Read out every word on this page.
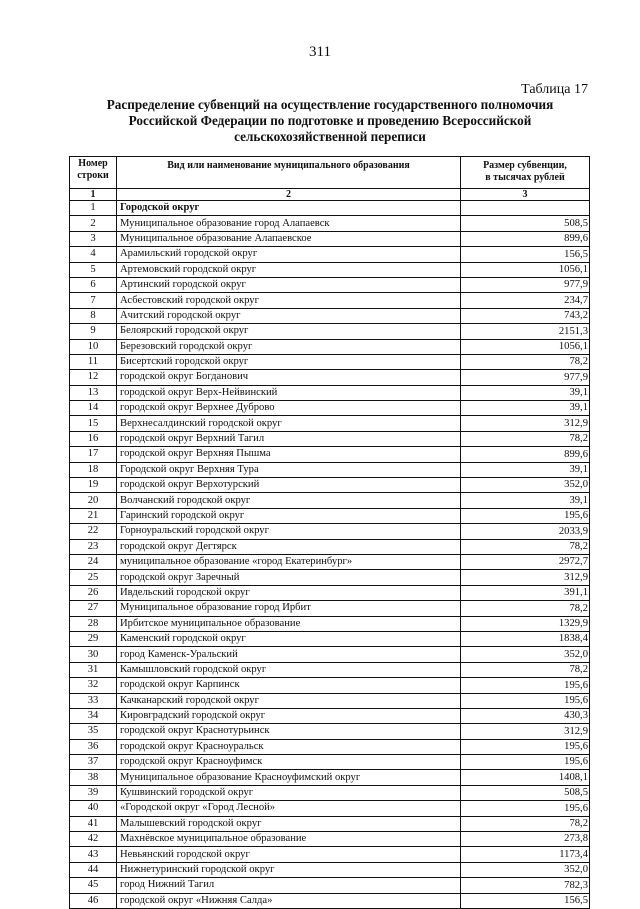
311
Таблица 17
Распределение субвенций на осуществление государственного полномочия
Российской Федерации по подготовке и проведению Всероссийской
сельскохозяйственной переписи
Номер
строки	Вид или наименование муниципального образования	Размер субвенции,
в тысячах рублей
1	2	3
1	Городской округ	
2	Муниципальное образование город Алапаевск	508,5
3	Муниципальное образование Алапаевское	899,6
4	Арамильский городской округ	156,5
5	Артемовский городской округ	1056,1
6	Артинский городской округ	977,9
7	Асбестовский городской округ	234,7
8	Ачитский городской округ	743,2
9	Белоярский городской округ	2151,3
10	Березовский городской округ	1056,1
11	Бисертский городской округ	78,2
12	городской округ Богданович	977,9
13	городской округ Верх-Нейвинский	39,1
14	городской округ Верхнее Дуброво	39,1
15	Верхнесалдинский городской округ	312,9
16	городской округ Верхний Тагил	78,2
17	городской округ Верхняя Пышма	899,6
18	Городской округ Верхняя Тура	39,1
19	городской округ Верхотурский	352,0
20	Волчанский городской округ	39,1
21	Гаринский городской округ	195,6
22	Горноуральский городской округ	2033,9
23	городской округ Дегтярск	78,2
24	муниципальное образование «город Екатеринбург»	2972,7
25	городской округ Заречный	312,9
26	Ивдельский городской округ	391,1
27	Муниципальное образование город Ирбит	78,2
28	Ирбитское муниципальное образование	1329,9
29	Каменский городской округ	1838,4
30	город Каменск-Уральский	352,0
31	Камышловский городской округ	78,2
32	городской округ Карпинск	195,6
33	Качканарский городской округ	195,6
34	Кировградский городской округ	430,3
35	городской округ Краснотурьинск	312,9
36	городской округ Красноуральск	195,6
37	городской округ Красноуфимск	195,6
38	Муниципальное образование Красноуфимский округ	1408,1
39	Кушвинский городской округ	508,5
40	«Городской округ «Город Лесной»	195,6
41	Малышевский городской округ	78,2
42	Махнёвское муниципальное образование	273,8
43	Невьянский городской округ	1173,4
44	Нижнетуринский городской округ	352,0
45	город Нижний Тагил	782,3
46	городской округ «Нижняя Салда»	156,5
